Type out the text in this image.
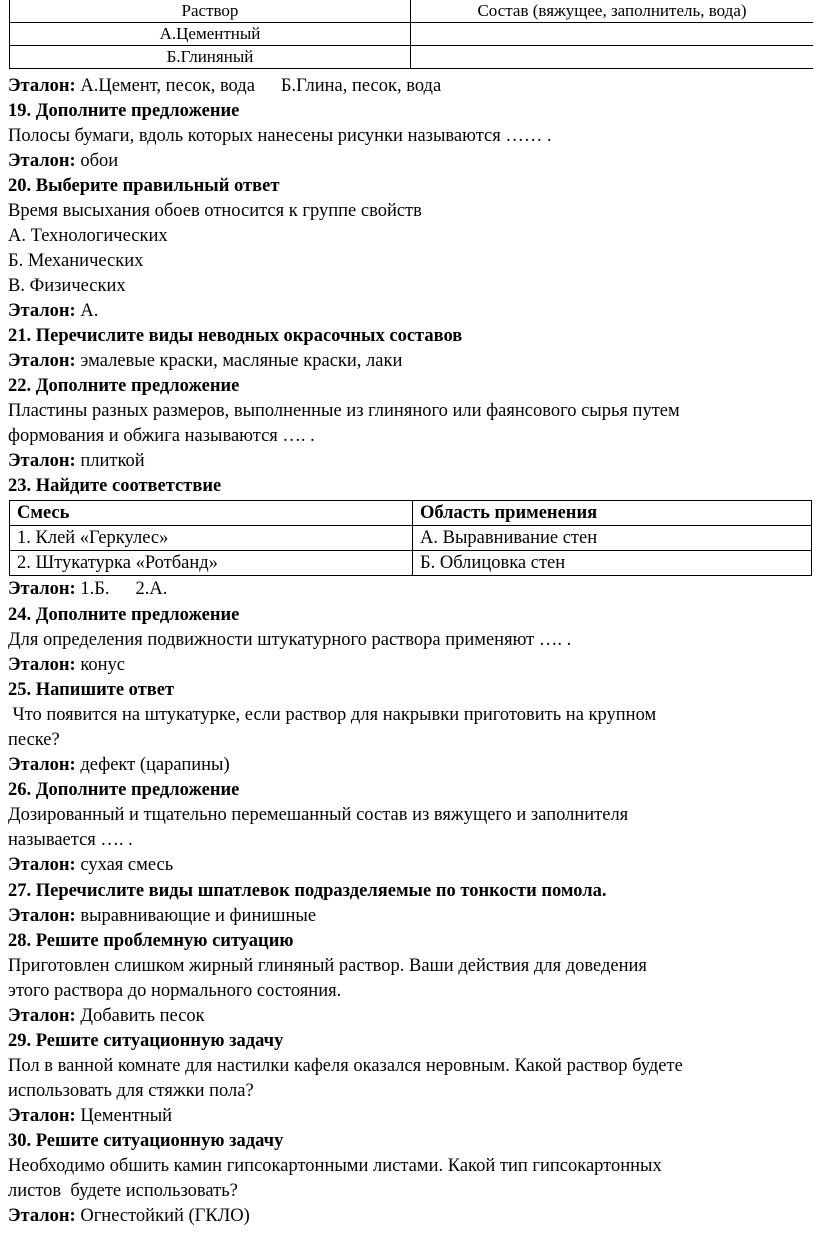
Раствор	Состав (вяжущее, заполнитель, вода)
А.Цементный	
Б.Глиняный	
Эталон: А.Цемент, песок, вода Б.Глина, песок, вода
19. Дополните предложение
Полосы бумаги, вдоль которых нанесены рисунки называются …… .
Эталон: обои
20. Выберите правильный ответ
Время высыхания обоев относится к группе свойств
А. Технологических
Б. Механических
В. Физических
Эталон: А.
21. Перечислите виды неводных окрасочных составов
Эталон: эмалевые краски, масляные краски, лаки
22. Дополните предложение
Пластины разных размеров, выполненные из глиняного или фаянсового сырья путем
формования и обжига называются …. .
Эталон: плиткой
23. Найдите соответствие
Смесь	Область применения
1. Клей «Геркулес»	А. Выравнивание стен
2. Штукатурка «Ротбанд»	Б. Облицовка стен
Эталон: 1.Б. 2.А.
24. Дополните предложение
Для определения подвижности штукатурного раствора применяют …. .
Эталон: конус
25. Напишите ответ
Что появится на штукатурке, если раствор для накрывки приготовить на крупном
песке?
Эталон: дефект (царапины)
26. Дополните предложение
Дозированный и тщательно перемешанный состав из вяжущего и заполнителя
называется …. .
Эталон: сухая смесь
27. Перечислите виды шпатлевок подразделяемые по тонкости помола.
Эталон: выравнивающие и финишные
28. Решите проблемную ситуацию
Приготовлен слишком жирный глиняный раствор. Ваши действия для доведения
этого раствора до нормального состояния.
Эталон: Добавить песок
29. Решите ситуационную задачу
Пол в ванной комнате для настилки кафеля оказался неровным. Какой раствор будете
использовать для стяжки пола?
Эталон: Цементный
30. Решите ситуационную задачу
Необходимо обшить камин гипсокартонными листами. Какой тип гипсокартонных
листов  будете использовать?
Эталон: Огнестойкий (ГКЛО)
